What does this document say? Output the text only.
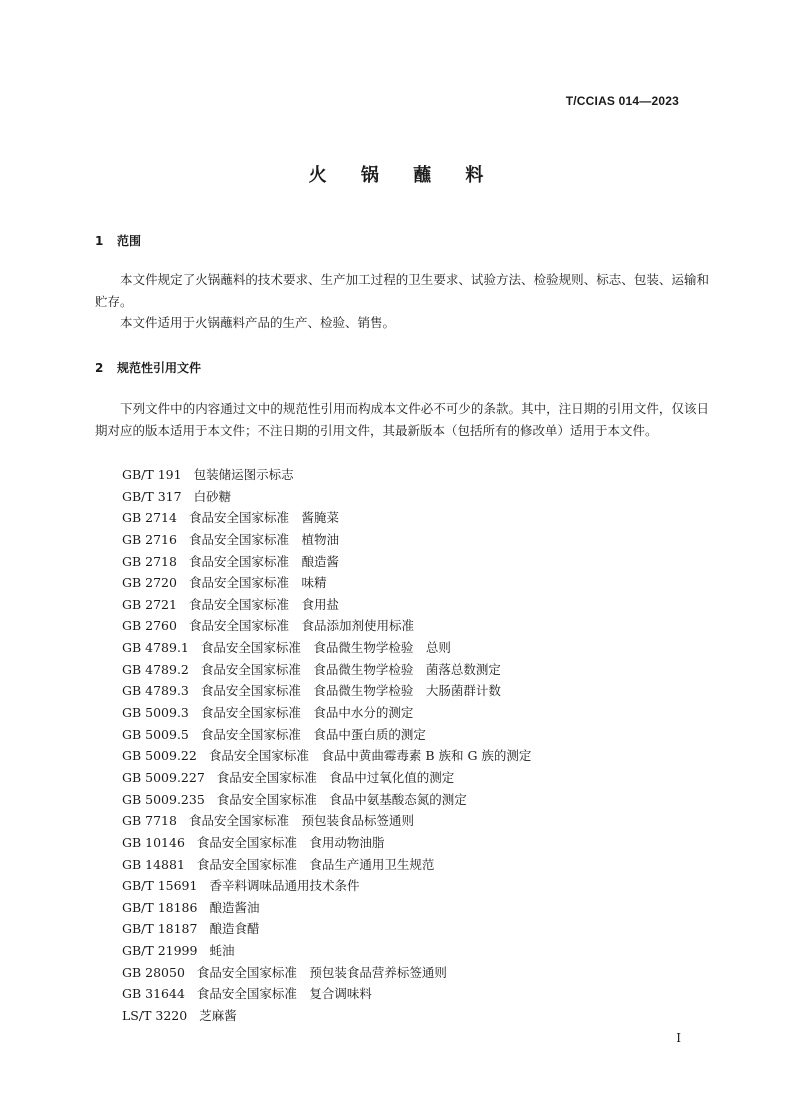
T/CCIAS 014—2023
火 锅 蘸 料
1 范围
本文件规定了火锅蘸料的技术要求、生产加工过程的卫生要求、试验方法、检验规则、标志、包装、运输和贮存。
本文件适用于火锅蘸料产品的生产、检验、销售。
2 规范性引用文件
下列文件中的内容通过文中的规范性引用而构成本文件必不可少的条款。其中，注日期的引用文件，仅该日期对应的版本适用于本文件；不注日期的引用文件，其最新版本（包括所有的修改单）适用于本文件。
GB/T 191 包装储运图示标志
GB/T 317 白砂糖
GB 2714 食品安全国家标准　酱腌菜
GB 2716 食品安全国家标准　植物油
GB 2718 食品安全国家标准　酿造酱
GB 2720 食品安全国家标准　味精
GB 2721 食品安全国家标准　食用盐
GB 2760 食品安全国家标准　食品添加剂使用标准
GB 4789.1 食品安全国家标准　食品微生物学检验　总则
GB 4789.2 食品安全国家标准　食品微生物学检验　菌落总数测定
GB 4789.3 食品安全国家标准　食品微生物学检验　大肠菌群计数
GB 5009.3 食品安全国家标准　食品中水分的测定
GB 5009.5 食品安全国家标准　食品中蛋白质的测定
GB 5009.22 食品安全国家标准　食品中黄曲霉毒素 B 族和 G 族的测定
GB 5009.227 食品安全国家标准　食品中过氧化值的测定
GB 5009.235 食品安全国家标准　食品中氨基酸态氮的测定
GB 7718 食品安全国家标准　预包装食品标签通则
GB 10146 食品安全国家标准　食用动物油脂
GB 14881 食品安全国家标准　食品生产通用卫生规范
GB/T 15691 香辛料调味品通用技术条件
GB/T 18186 酿造酱油
GB/T 18187 酿造食醋
GB/T 21999 蚝油
GB 28050 食品安全国家标准　预包装食品营养标签通则
GB 31644 食品安全国家标准　复合调味料
LS/T 3220 芝麻酱
I
